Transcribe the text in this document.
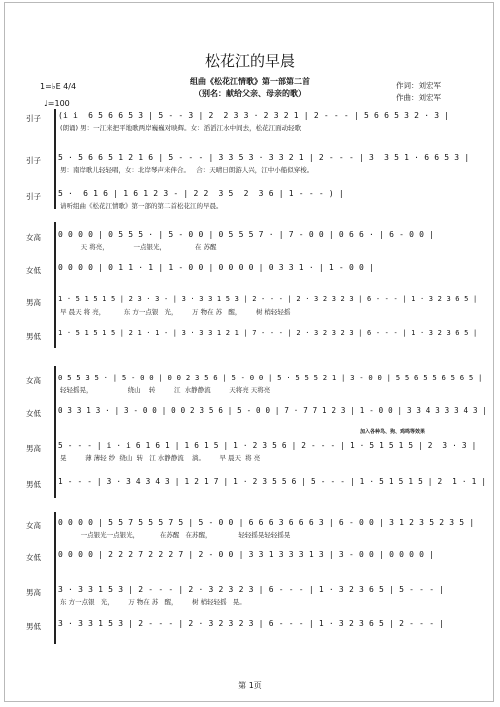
松花江的早晨
组曲《松花江情歌》第一部第二首
（别名：献给父亲、母亲的歌）
作词：刘宏军
作曲：刘宏军
1=♭E 4/4
♩=100
引子	(i i  6 5 6 6 5 3 | 5 - - 3 | 2  2 3 3 · 2 3 2 1 | 2 - - - | 5 6 6 5 3 2 · 3 |
(朗诵) 男：一江来把平地歌两岸巍巍对映辉。女：滔滔江水中间去，松花江面动轻歌
引子	5 · 5 6 6 5 1 2 1 6 | 5 - - - | 3 3 5 3 · 3 3 2 1 | 2 - - - | 3  3 5 1 · 6 6 5 3 |
男：南岸歌儿轻轻唱，女：北岸琴声来伴合。   合：天晴日朗游人兴，江中小船似穿梭。
引子	5 ·  6 1 6 | 1 6 1 2 3 - | 2 2  3 5  2  3 6 | 1 - - - ) |
请听组曲《松花江情歌》第一部的第二首松花江的早晨。
女高	0 0 0 0 | 0 5 5 5 · | 5 - 0 0 | 0 5 5 5 7 · | 7 - 0 0 | 0 6 6 · | 6 - 0 0 |
天 将亮，            一点银光，              在 苏醒
女低	0 0 0 0 | 0 1 1 · 1 | 1 - 0 0 | 0 0 0 0 | 0 3 3 1 · | 1 - 0 0 |
男高	1 · 5 1 5 1 5 | 2 3 · 3 - | 3 · 3 3 1 5 3 | 2 - - - | 2 · 3 2 3 2 3 | 6 - - - | 1 · 3 2 3 6 5 |
早 晨天 将 亮，         东 方一点银   光，       万 物在 苏   醒，       树 梢轻轻摇
男低	1 · 5 1 5 1 5 | 2 1 · 1 - | 3 · 3 3 1 2 1 | 7 - - - | 2 · 3 2 3 2 3 | 6 - - - | 1 · 3 2 3 6 5 |
女高	0 5 5 3 5 · | 5 - 0 0 | 0 0 2 3 5 6 | 5 - 0 0 | 5 · 5 5 5 2 1 | 3 - 0 0 | 5 5 6 5 5 6 5 6 5 |
轻轻摇晃，                 绕山    转         江  水静静流         天将亮 天将亮
女低	0 3 3 1 3 · | 3 - 0 0 | 0 0 2 3 5 6 | 5 - 0 0 | 7 · 7 7 1 2 3 | 1 - 0 0 | 3 3 4 3 3 3 4 3 |
加入各种鸟、狗、鸡鸣等效果
男高	5 - - - | i · i 6 1 6 1 | 1 6 1 5 | 1 · 2 3 5 6 | 2 - - - | 1 · 5 1 5 1 5 | 2  3 · 3 |
晃         薄 薄轻 纱  绕山  转   江 水静静流    淌。       早 晨天  将 亮
男低	1 - - - | 3 · 3 4 3 4 3 | 1 2 1 7 | 1 · 2 3 5 5 6 | 5 - - - | 1 · 5 1 5 1 5 | 2  1 · 1 |
女高	0 0 0 0 | 5 5 7 5 5 5 7 5 | 5 - 0 0 | 6 6 6 3 6 6 6 3 | 6 - 0 0 | 3 1 2 3 5 2 3 5 |
一点银光一点银光，          在苏醒   在苏醒，             轻轻摇晃轻轻摇晃
女低	0 0 0 0 | 2 2 2 7 2 2 2 7 | 2 - 0 0 | 3 3 1 3 3 3 1 3 | 3 - 0 0 | 0 0 0 0 |
男高	3 · 3 3 1 5 3 | 2 - - - | 2 · 3 2 3 2 3 | 6 - - - | 1 · 3 2 3 6 5 | 5 - - - |
东 方一点银   光，       万 物在 苏   醒，       树 梢轻轻摇   晃。
男低	3 · 3 3 1 5 3 | 2 - - - | 2 · 3 2 3 2 3 | 6 - - - | 1 · 3 2 3 6 5 | 2 - - - |
第 1页
